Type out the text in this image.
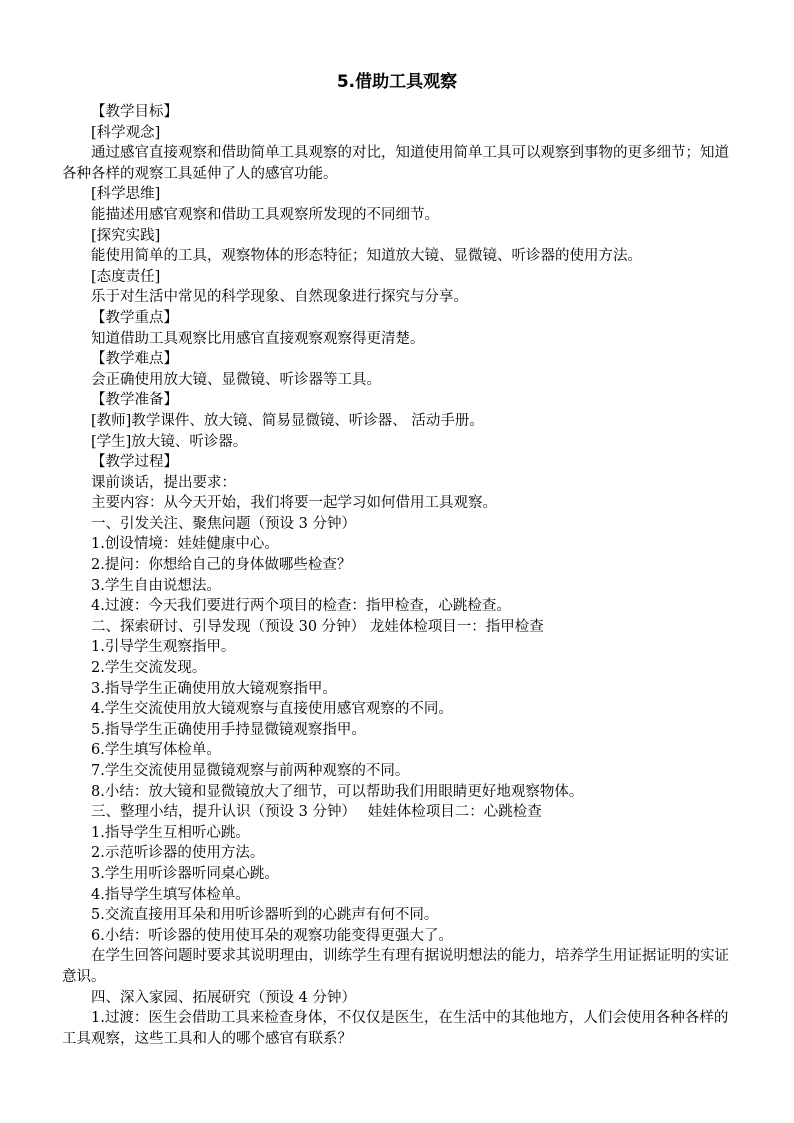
5.借助工具观察
【教学目标】
[科学观念]
通过感官直接观察和借助简单工具观察的对比，知道使用简单工具可以观察到事物的更多细节；知道各种各样的观察工具延伸了人的感官功能。
[科学思维]
能描述用感官观察和借助工具观察所发现的不同细节。
[探究实践]
能使用简单的工具，观察物体的形态特征；知道放大镜、显微镜、听诊器的使用方法。
[态度责任]
乐于对生活中常见的科学现象、自然现象进行探究与分享。
【教学重点】
知道借助工具观察比用感官直接观察观察得更清楚。
【教学难点】
会正确使用放大镜、显微镜、听诊器等工具。
【教学准备】
[教师]教学课件、放大镜、简易显微镜、听诊器、 活动手册。
[学生]放大镜、听诊器。
【教学过程】
课前谈话，提出要求：
主要内容：从今天开始，我们将要一起学习如何借用工具观察。
一、引发关注、聚焦问题（预设 3 分钟）
1.创设情境：娃娃健康中心。
2.提问：你想给自己的身体做哪些检查？
3.学生自由说想法。
4.过渡：今天我们要进行两个项目的检查：指甲检查，心跳检查。
二、探索研讨、引导发现（预设 30 分钟） 龙娃体检项目一：指甲检查
1.引导学生观察指甲。
2.学生交流发现。
3.指导学生正确使用放大镜观察指甲。
4.学生交流使用放大镜观察与直接使用感官观察的不同。
5.指导学生正确使用手持显微镜观察指甲。
6.学生填写体检单。
7.学生交流使用显微镜观察与前两种观察的不同。
8.小结：放大镜和显微镜放大了细节，可以帮助我们用眼睛更好地观察物体。
三、整理小结，提升认识（预设 3 分钟）　 娃娃体检项目二：心跳检查
1.指导学生互相听心跳。
2.示范听诊器的使用方法。
3.学生用听诊器听同桌心跳。
4.指导学生填写体检单。
5.交流直接用耳朵和用听诊器听到的心跳声有何不同。
6.小结：听诊器的使用使耳朵的观察功能变得更强大了。
在学生回答问题时要求其说明理由，训练学生有理有据说明想法的能力，培养学生用证据证明的实证意识。
四、深入家园、拓展研究（预设 4 分钟）
1.过渡：医生会借助工具来检查身体，不仅仅是医生，在生活中的其他地方，人们会使用各种各样的工具观察，这些工具和人的哪个感官有联系？
